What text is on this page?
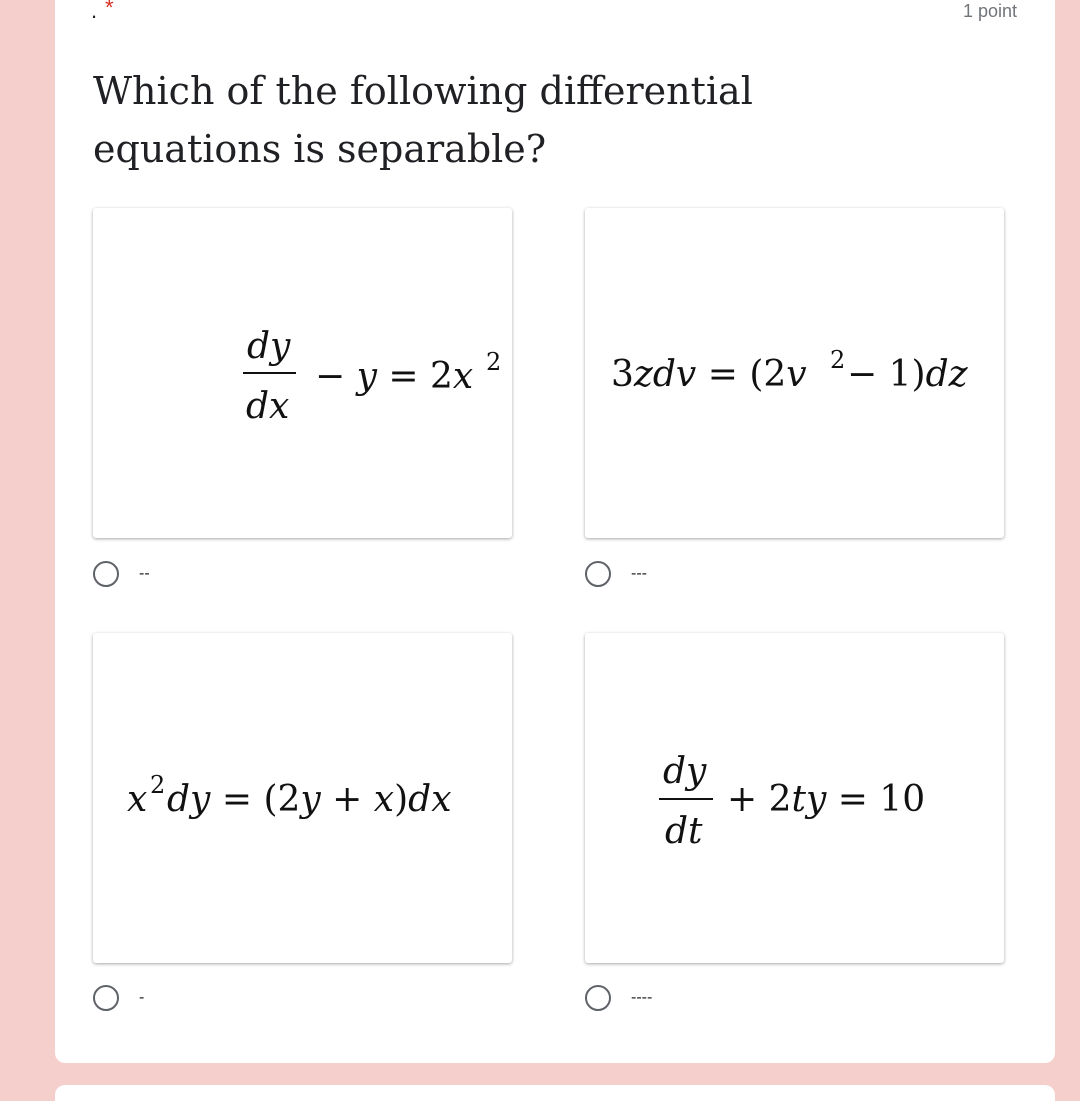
. *	1 point

Which of the following differential equations is separable?

dy
dx
− y = 2x 2
--
3zdv = (2v 2 − 1)dz
---
x 2 dy = (2y + x)dx
-
dy
dt
+ 2ty = 10
----
